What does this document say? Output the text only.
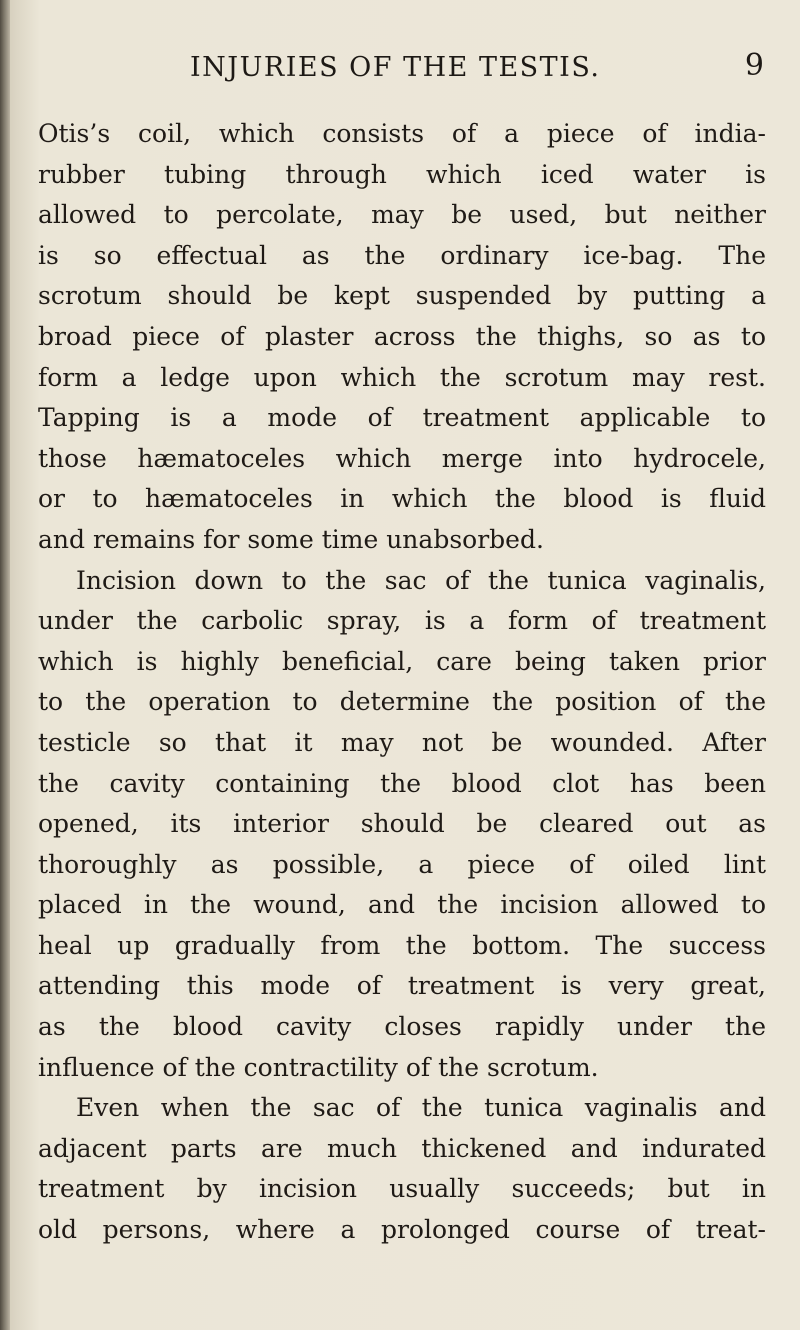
INJURIES OF THE TESTIS.	9
Otis’s coil, which consists of a piece of india-
rubber tubing through which iced water is
allowed to percolate, may be used, but neither
is so effectual as the ordinary ice-bag. The
scrotum should be kept suspended by putting a
broad piece of plaster across the thighs, so as to
form a ledge upon which the scrotum may rest.
Tapping is a mode of treatment applicable to
those hæmatoceles which merge into hydrocele,
or to hæmatoceles in which the blood is fluid
and remains for some time unabsorbed.
Incision down to the sac of the tunica vaginalis,
under the carbolic spray, is a form of treatment
which is highly beneficial, care being taken prior
to the operation to determine the position of the
testicle so that it may not be wounded. After
the cavity containing the blood clot has been
opened, its interior should be cleared out as
thoroughly as possible, a piece of oiled lint
placed in the wound, and the incision allowed to
heal up gradually from the bottom. The success
attending this mode of treatment is very great,
as the blood cavity closes rapidly under the
influence of the contractility of the scrotum.
Even when the sac of the tunica vaginalis and
adjacent parts are much thickened and indurated
treatment by incision usually succeeds; but in
old persons, where a prolonged course of treat-
